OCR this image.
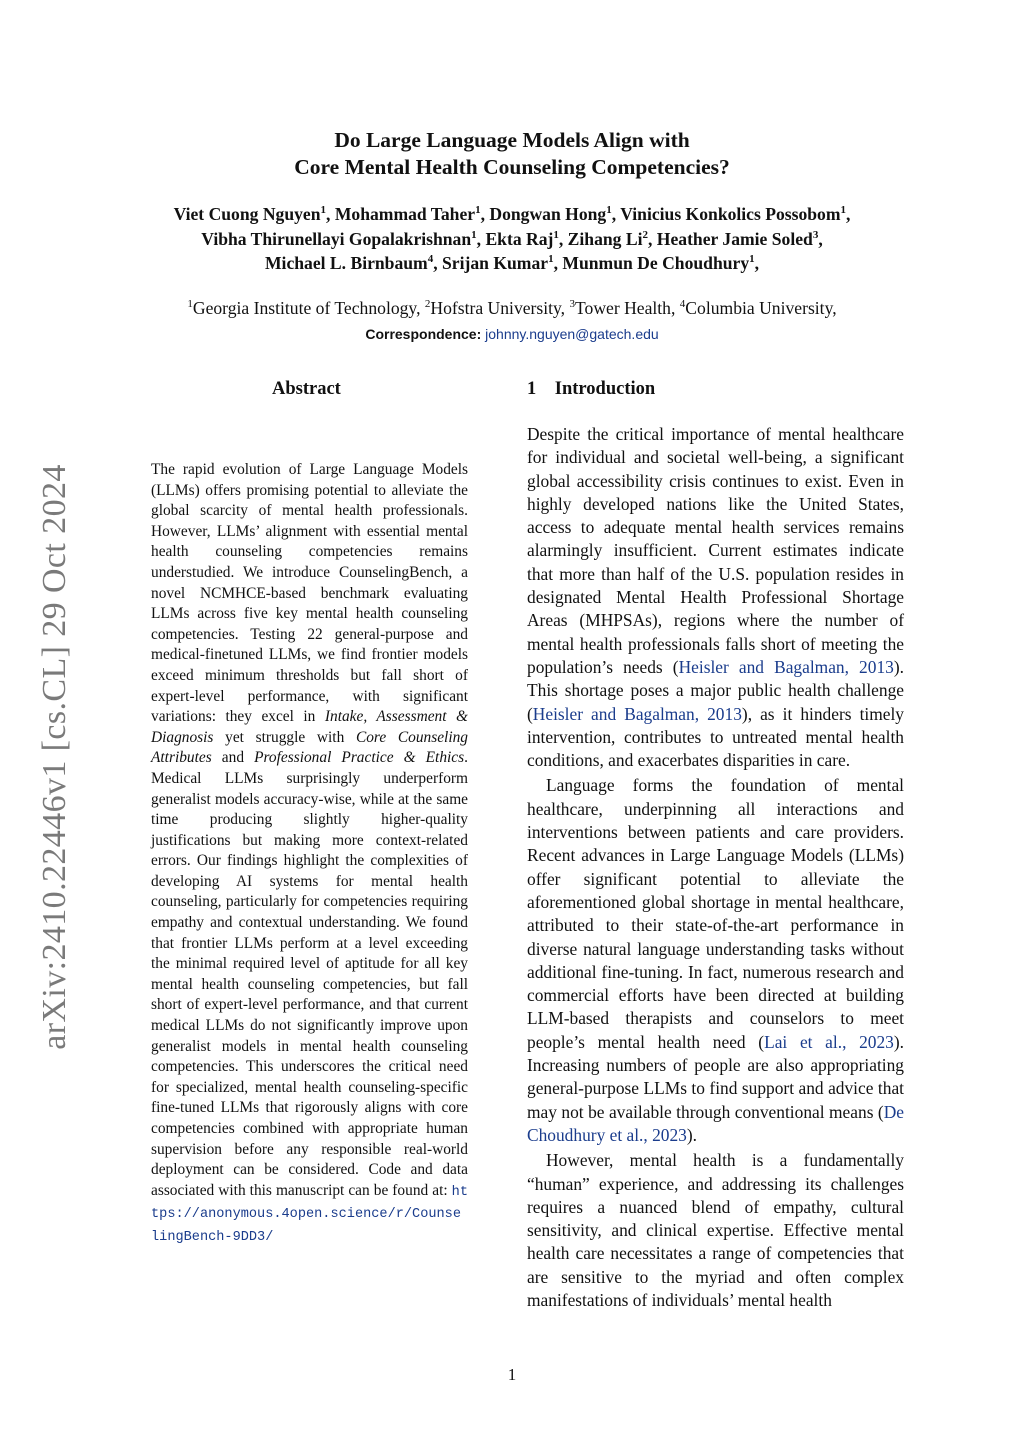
arXiv:2410.22446v1 [cs.CL] 29 Oct 2024
Do Large Language Models Align with
Core Mental Health Counseling Competencies?
Viet Cuong Nguyen$^1$, Mohammad Taher$^1$, Dongwan Hong$^1$, Vinicius Konkolics Possobom$^1$,
Vibha Thirunellayi Gopalakrishnan$^1$, Ekta Raj$^1$, Zihang Li$^2$, Heather Jamie Soled$^3$,
Michael L. Birnbaum$^4$, Srijan Kumar$^1$, Munmun De Choudhury$^1$,
$^1$Georgia Institute of Technology, $^2$Hofstra University, $^3$Tower Health, $^4$Columbia University,
Correspondence: johnny.nguyen@gatech.edu
Abstract
The rapid evolution of Large Language Models (LLMs) offers promising potential to alleviate the global scarcity of mental health professionals. However, LLMs’ alignment with essential mental health counseling competencies remains understudied. We introduce CounselingBench, a novel NCMHCE-based benchmark evaluating LLMs across five key mental health counseling competencies. Testing 22 general-purpose and medical-finetuned LLMs, we find frontier models exceed minimum thresholds but fall short of expert-level performance, with significant variations: they excel in Intake, Assessment & Diagnosis yet struggle with Core Counseling Attributes and Professional Practice & Ethics. Medical LLMs surprisingly underperform generalist models accuracy-wise, while at the same time producing slightly higher-quality justifications but making more context-related errors. Our findings highlight the complexities of developing AI systems for mental health counseling, particularly for competencies requiring empathy and contextual understanding. We found that frontier LLMs perform at a level exceeding the minimal required level of aptitude for all key mental health counseling competencies, but fall short of expert-level performance, and that current medical LLMs do not significantly improve upon generalist models in mental health counseling competencies. This underscores the critical need for specialized, mental health counseling-specific fine-tuned LLMs that rigorously aligns with core competencies combined with appropriate human supervision before any responsible real-world deployment can be considered. Code and data associated with this manuscript can be found at: https://anonymous.4open.science/r/CounselingBench-9DD3/
1 Introduction

Despite the critical importance of mental healthcare for individual and societal well-being, a significant global accessibility crisis continues to exist. Even in highly developed nations like the United States, access to adequate mental health services remains alarmingly insufficient. Current estimates indicate that more than half of the U.S. population resides in designated Mental Health Professional Shortage Areas (MHPSAs), regions where the number of mental health professionals falls short of meeting the population’s needs (Heisler and Bagalman, 2013). This shortage poses a major public health challenge (Heisler and Bagalman, 2013), as it hinders timely intervention, contributes to untreated mental health conditions, and exacerbates disparities in care.

Language forms the foundation of mental healthcare, underpinning all interactions and interventions between patients and care providers. Recent advances in Large Language Models (LLMs) offer significant potential to alleviate the aforementioned global shortage in mental healthcare, attributed to their state-of-the-art performance in diverse natural language understanding tasks without additional fine-tuning. In fact, numerous research and commercial efforts have been directed at building LLM-based therapists and counselors to meet people’s mental health need (Lai et al., 2023). Increasing numbers of people are also appropriating general-purpose LLMs to find support and advice that may not be available through conventional means (De Choudhury et al., 2023).

However, mental health is a fundamentally “human” experience, and addressing its challenges requires a nuanced blend of empathy, cultural sensitivity, and clinical expertise. Effective mental health care necessitates a range of competencies that are sensitive to the myriad and often complex manifestations of individuals’ mental health

1
